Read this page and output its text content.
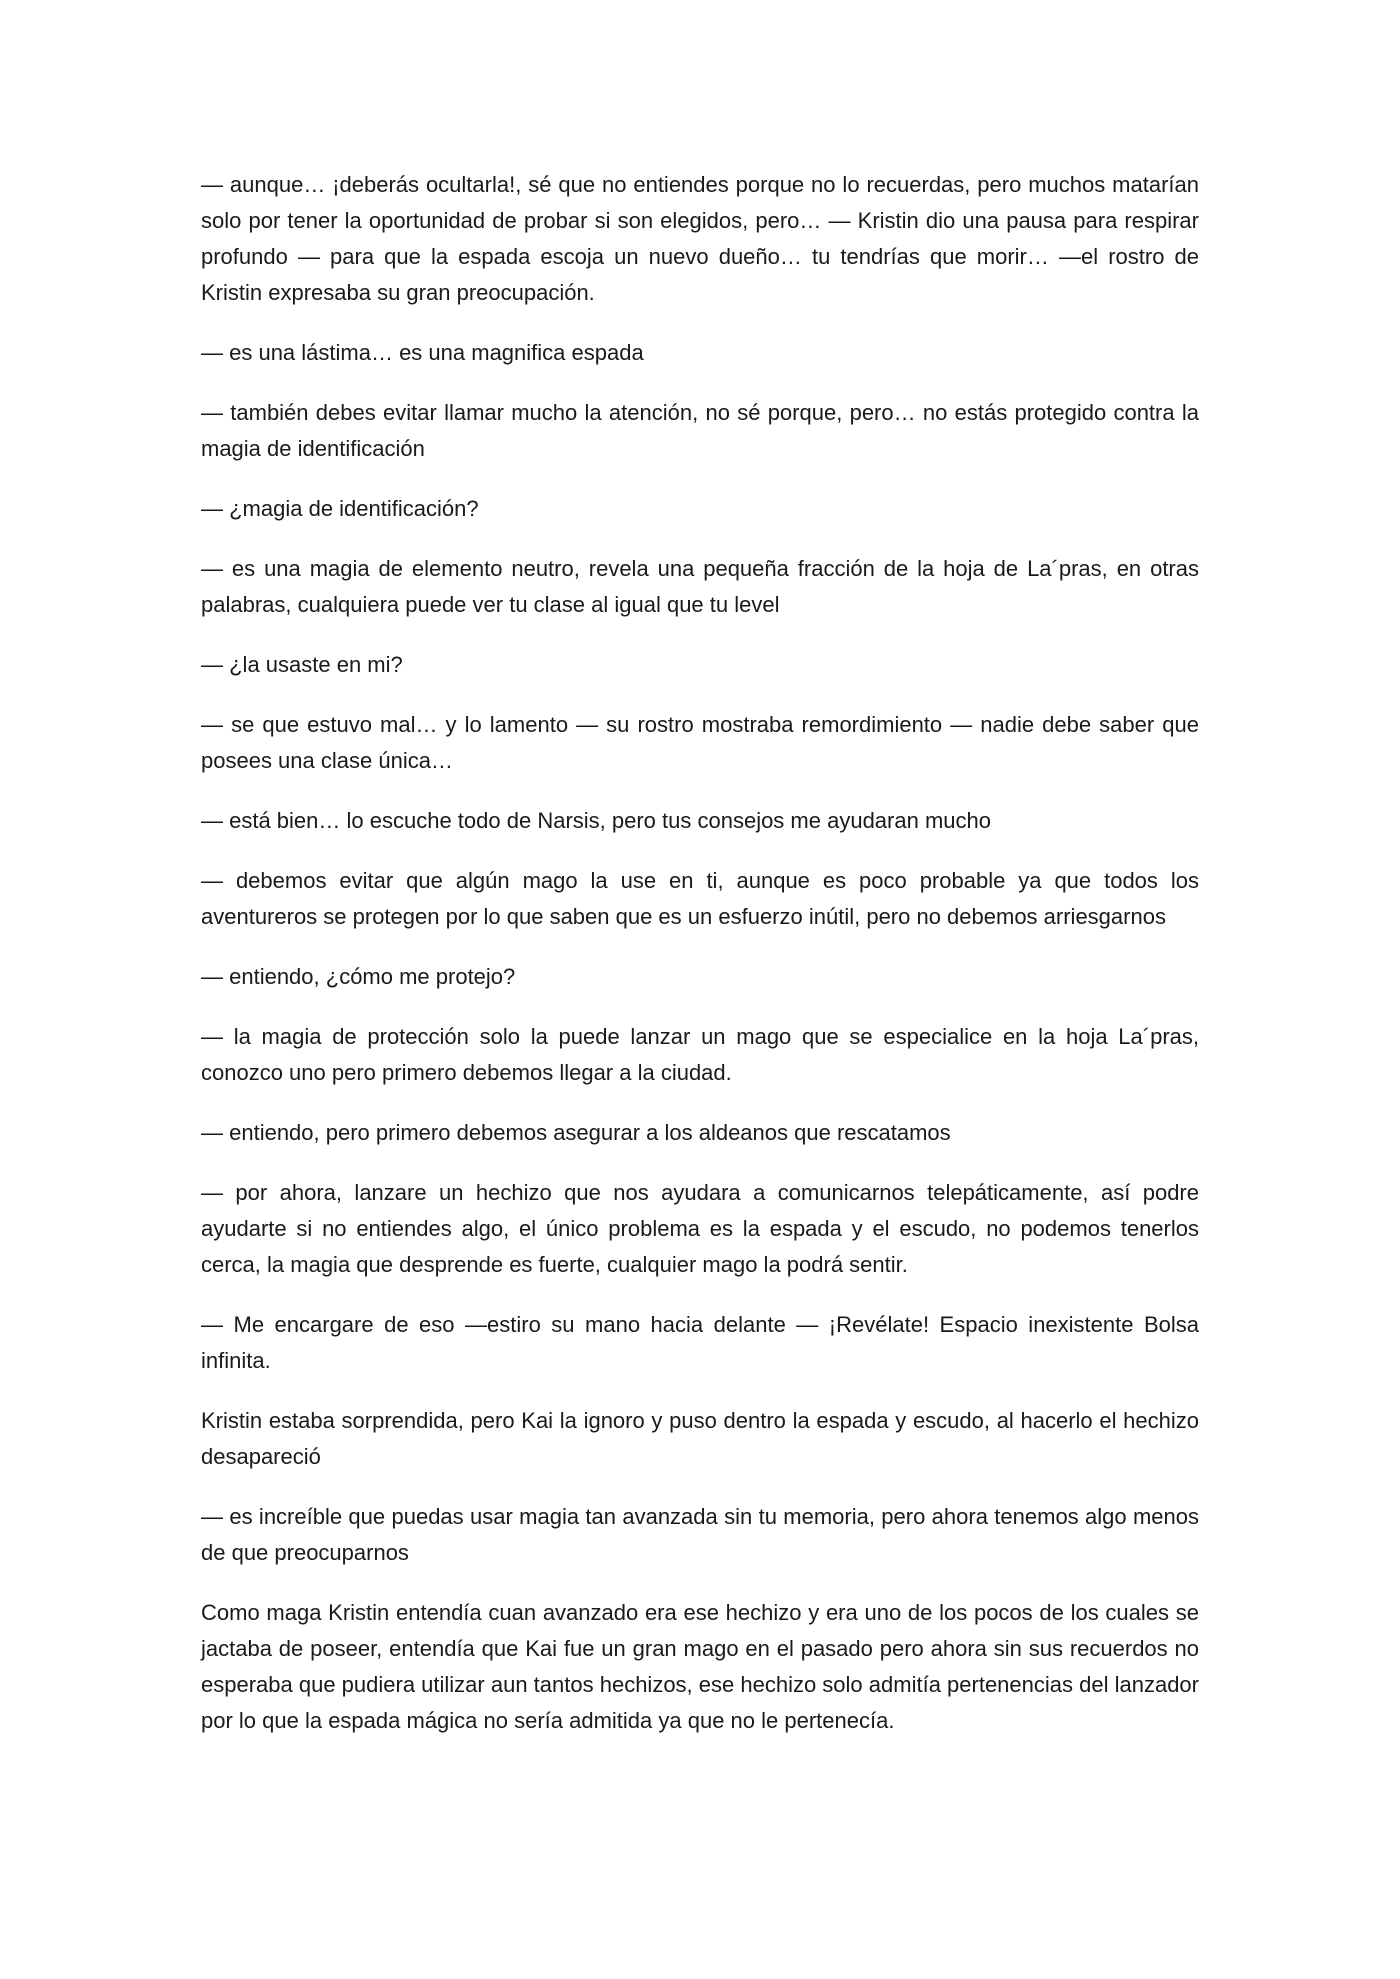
— aunque… ¡deberás ocultarla!, sé que no entiendes porque no lo recuerdas, pero muchos matarían solo por tener la oportunidad de probar si son elegidos, pero… — Kristin dio una pausa para respirar profundo — para que la espada escoja un nuevo dueño… tu tendrías que morir… —el rostro de Kristin expresaba su gran preocupación.

— es una lástima… es una magnifica espada

— también debes evitar llamar mucho la atención, no sé porque, pero… no estás protegido contra la magia de identificación

— ¿magia de identificación?

— es una magia de elemento neutro, revela una pequeña fracción de la hoja de La´pras, en otras palabras, cualquiera puede ver tu clase al igual que tu level

— ¿la usaste en mi?

— se que estuvo mal… y lo lamento — su rostro mostraba remordimiento — nadie debe saber que posees una clase única…

— está bien… lo escuche todo de Narsis, pero tus consejos me ayudaran mucho

— debemos evitar que algún mago la use en ti, aunque es poco probable ya que todos los aventureros se protegen por lo que saben que es un esfuerzo inútil, pero no debemos arriesgarnos

— entiendo, ¿cómo me protejo?

— la magia de protección solo la puede lanzar un mago que se especialice en la hoja La´pras, conozco uno pero primero debemos llegar a la ciudad.

— entiendo, pero primero debemos asegurar a los aldeanos que rescatamos

— por ahora, lanzare un hechizo que nos ayudara a comunicarnos telepáticamente, así podre ayudarte si no entiendes algo, el único problema es la espada y el escudo, no podemos tenerlos cerca, la magia que desprende es fuerte, cualquier mago la podrá sentir.

— Me encargare de eso —estiro su mano hacia delante — ¡Revélate! Espacio inexistente Bolsa infinita.

Kristin estaba sorprendida, pero Kai la ignoro y puso dentro la espada y escudo, al hacerlo el hechizo desapareció

— es increíble que puedas usar magia tan avanzada sin tu memoria, pero ahora tenemos algo menos de que preocuparnos

Como maga Kristin entendía cuan avanzado era ese hechizo y era uno de los pocos de los cuales se jactaba de poseer, entendía que Kai fue un gran mago en el pasado pero ahora sin sus recuerdos no esperaba que pudiera utilizar aun tantos hechizos, ese hechizo solo admitía pertenencias del lanzador por lo que la espada mágica no sería admitida ya que no le pertenecía.
